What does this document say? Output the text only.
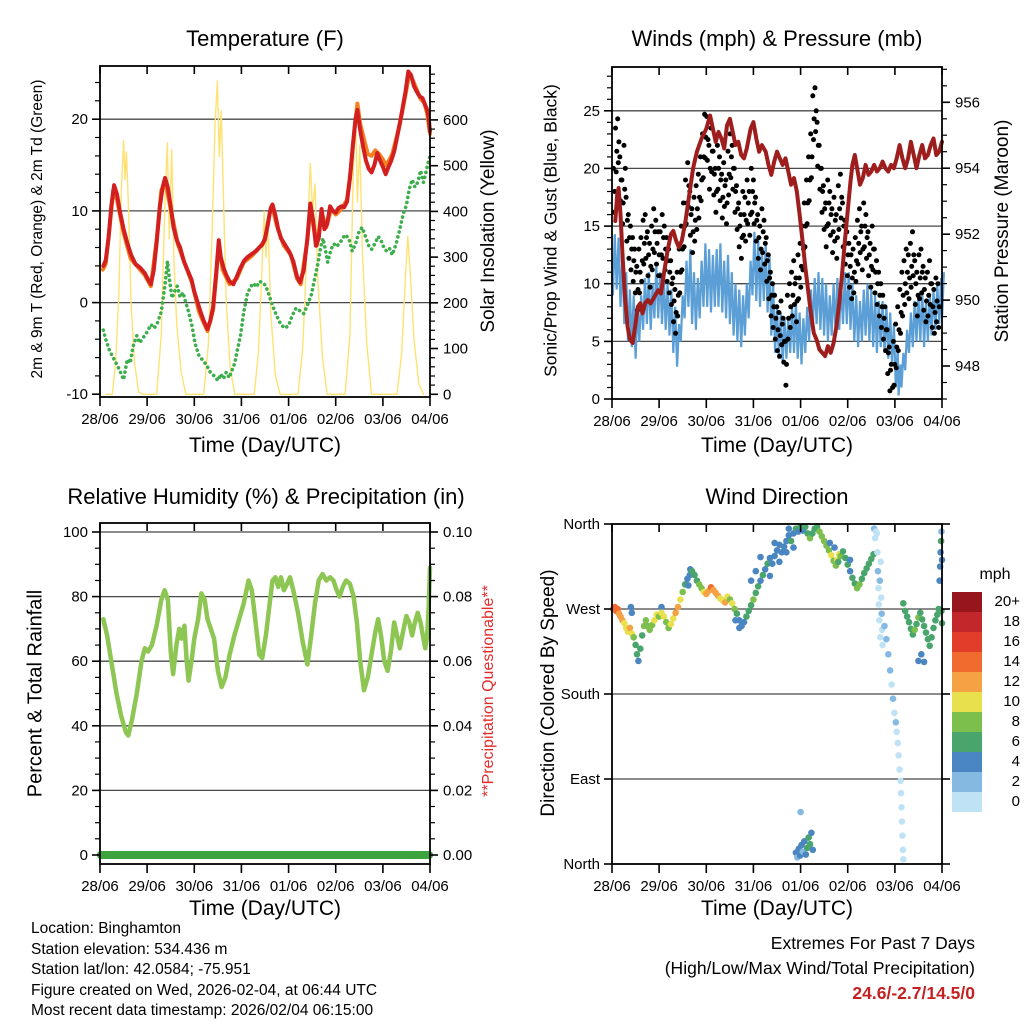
28/06 29/06 30/06 31/06 01/06 02/06 03/06 04/06
-10
0
10
20
0
100
200
300
400
500
600
28/06 29/06 30/06 31/06 01/06 02/06 03/06 04/06
0
5
10
15
20
25
948
950
952
954
956
28/06 29/06 30/06 31/06 01/06 02/06 03/06 04/06
0
20
40
60
80
100
0.00
0.02
0.04
0.06
0.08
0.10
28/06 29/06 30/06 31/06 01/06 02/06 03/06 04/06
North
East
South
West
North
Temperature (F)	Winds (mph) & Pressure (mb)
Relative Humidity (%) & Precipitation (in)	Wind Direction
Time (Day/UTC)	Time (Day/UTC)
Time (Day/UTC)	Time (Day/UTC)
2m & 9m T (Red, Orange) & 2m Td (Green)	Solar Insolation (Yellow) Sonic/Prop Wind & Gust (Blue, Black)	Station Pressure (Maroon)
Percent & Total Rainfall	**Precipitation Questionable** Direction (Colored By Speed)	mph
Location: Binghamton
Station elevation: 534.436 m
Station lat/lon: 42.0584; -75.951
Figure created on Wed, 2026-02-04, at 06:44 UTC
Most recent data timestamp: 2026/02/04 06:15:00
Extremes For Past 7 Days
(High/Low/Max Wind/Total Precipitation)
24.6/-2.7/14.5/0
20+
18
16
14
12
10
8
6
4
2
0
